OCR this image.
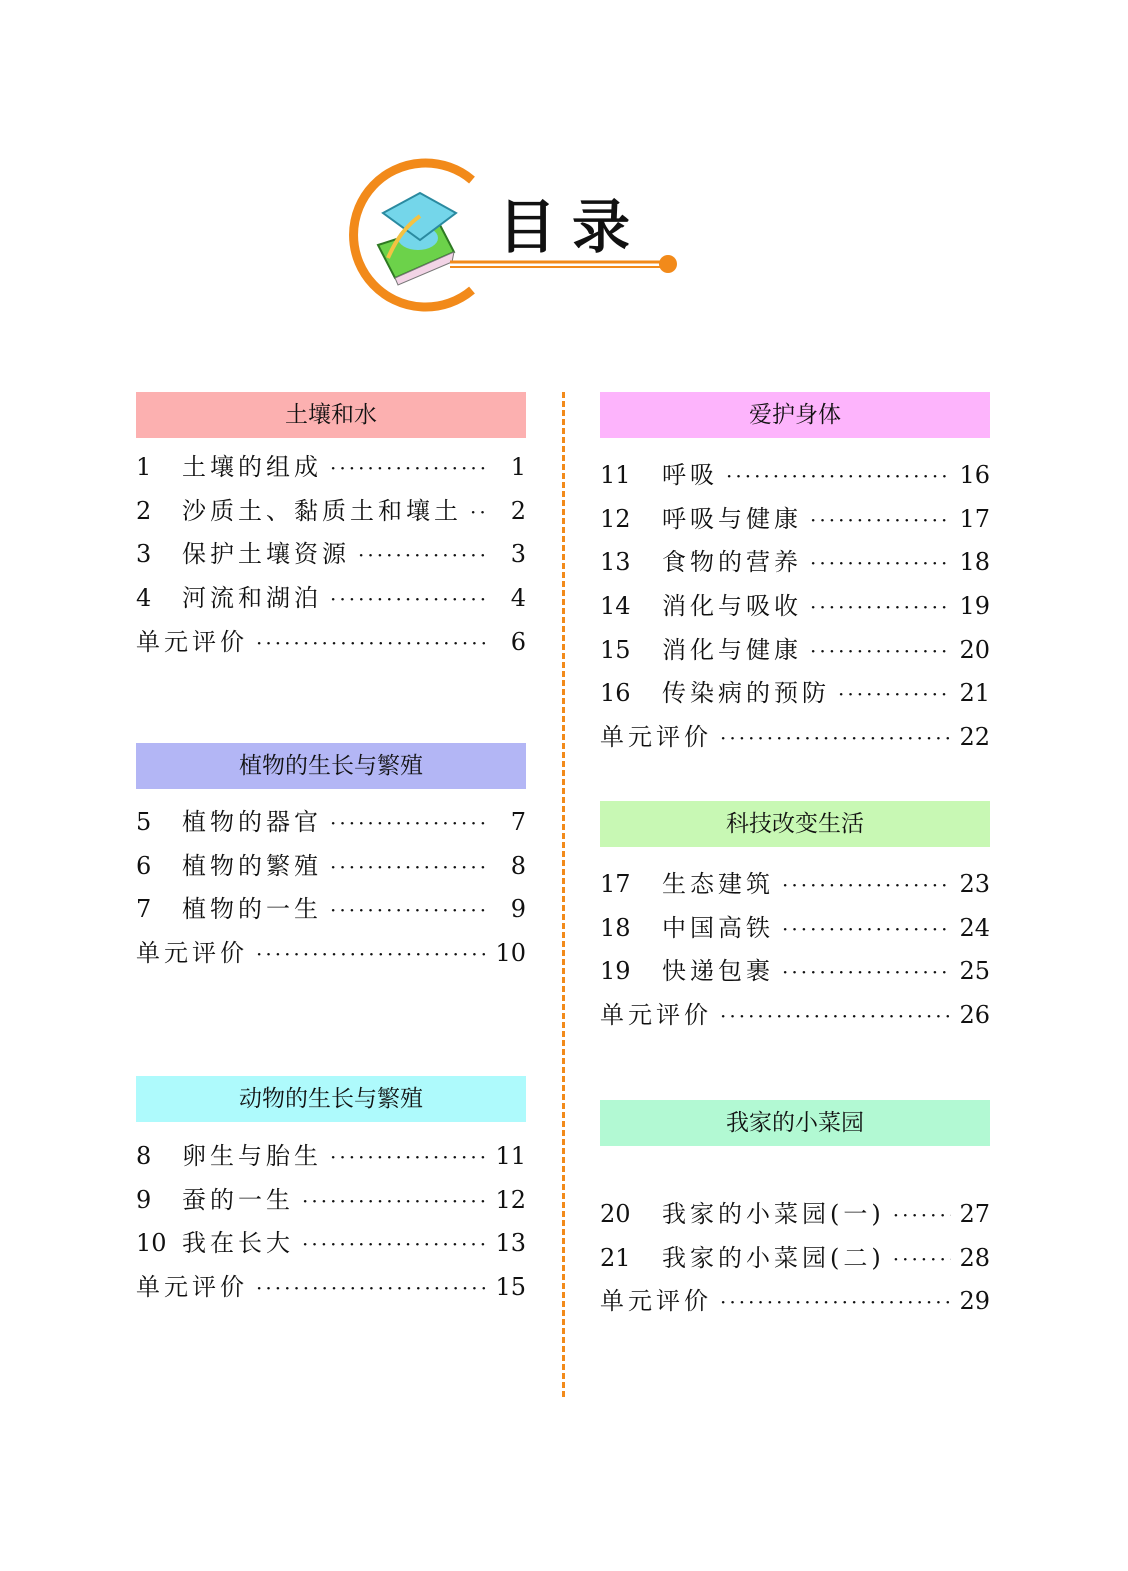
目录
土壤和水
1	土壤的组成 ·····	1
2	沙质土、黏质土和壤土 ·····	2
3	保护土壤资源 ·····	3
4	河流和湖泊 ·····	4
单元评价 ·····	6
植物的生长与繁殖
5	植物的器官 ·····	7
6	植物的繁殖 ·····	8
7	植物的一生 ·····	9
单元评价 ·····	10
动物的生长与繁殖
8	卵生与胎生 ·····	11
9	蚕的一生 ·····	12
10 我在长大 ·····	13
单元评价 ·····	15
爱护身体
11	呼吸 ·····	16
12	呼吸与健康 ·····	17
13	食物的营养 ·····	18
14	消化与吸收 ·····	19
15	消化与健康 ·····	20
16	传染病的预防 ·····	21
单元评价 ·····	22
科技改变生活
17	生态建筑 ·····	23
18	中国高铁 ·····	24
19	快递包裹 ·····	25
单元评价 ·····	26
我家的小菜园
20	我家的小菜园(一) ·····	27
21	我家的小菜园(二) ·····	28
单元评价 ·····	29
